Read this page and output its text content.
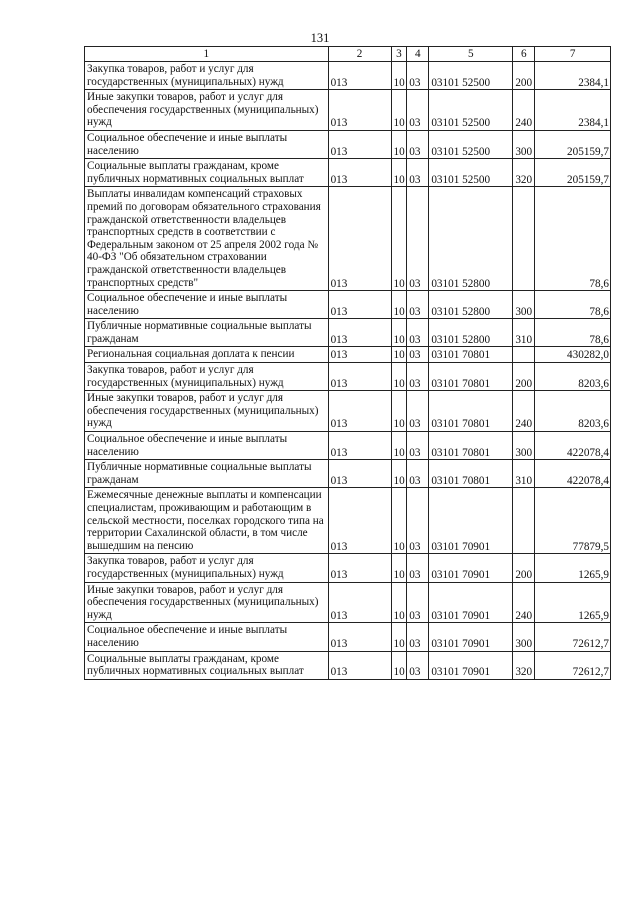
131
1	2	3	4	5	6	7
Закупка товаров, работ и услуг для государственных (муниципальных) нужд	013	10	03	03101 52500	200	2384,1
Иные закупки товаров, работ и услуг для обеспечения государственных (муниципальных) нужд	013	10	03	03101 52500	240	2384,1
Социальное обеспечение и иные выплаты населению	013	10	03	03101 52500	300	205159,7
Социальные выплаты гражданам, кроме публичных нормативных социальных выплат	013	10	03	03101 52500	320	205159,7
Выплаты инвалидам компенсаций страховых премий по договорам обязательного страхования гражданской ответственности владельцев транспортных средств в соответствии с Федеральным законом от 25 апреля 2002 года № 40-ФЗ "Об обязательном страховании гражданской ответственности владельцев транспортных средств"	013	10	03	03101 52800		78,6
Социальное обеспечение и иные выплаты населению	013	10	03	03101 52800	300	78,6
Публичные нормативные социальные выплаты гражданам	013	10	03	03101 52800	310	78,6
Региональная социальная доплата к пенсии	013	10	03	03101 70801		430282,0
Закупка товаров, работ и услуг для государственных (муниципальных) нужд	013	10	03	03101 70801	200	8203,6
Иные закупки товаров, работ и услуг для обеспечения государственных (муниципальных) нужд	013	10	03	03101 70801	240	8203,6
Социальное обеспечение и иные выплаты населению	013	10	03	03101 70801	300	422078,4
Публичные нормативные социальные выплаты гражданам	013	10	03	03101 70801	310	422078,4
Ежемесячные денежные выплаты и компенсации специалистам, проживающим и работающим в сельской местности, поселках городского типа на территории Сахалинской области, в том числе вышедшим на пенсию	013	10	03	03101 70901		77879,5
Закупка товаров, работ и услуг для государственных (муниципальных) нужд	013	10	03	03101 70901	200	1265,9
Иные закупки товаров, работ и услуг для обеспечения государственных (муниципальных) нужд	013	10	03	03101 70901	240	1265,9
Социальное обеспечение и иные выплаты населению	013	10	03	03101 70901	300	72612,7
Социальные выплаты гражданам, кроме публичных нормативных социальных выплат	013	10	03	03101 70901	320	72612,7
